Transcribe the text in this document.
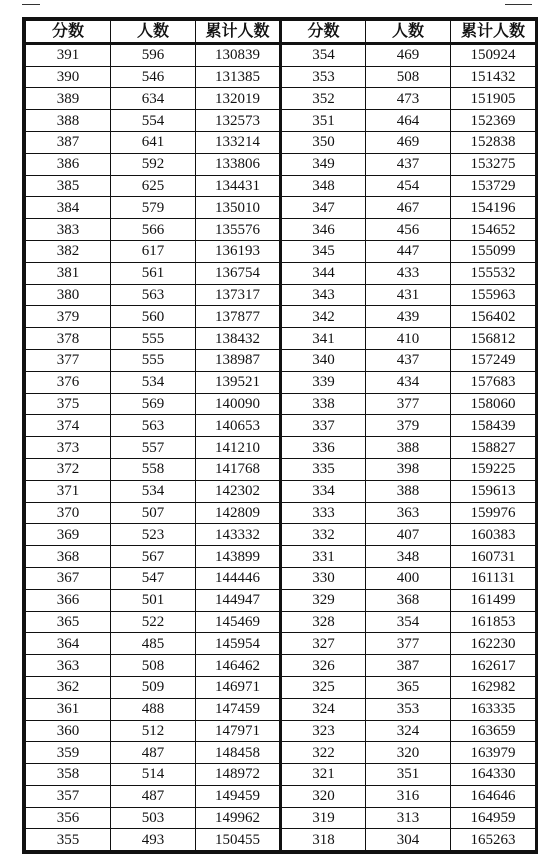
分数	人数	累计人数	分数	人数	累计人数
391	596	130839	354	469	150924
390	546	131385	353	508	151432
389	634	132019	352	473	151905
388	554	132573	351	464	152369
387	641	133214	350	469	152838
386	592	133806	349	437	153275
385	625	134431	348	454	153729
384	579	135010	347	467	154196
383	566	135576	346	456	154652
382	617	136193	345	447	155099
381	561	136754	344	433	155532
380	563	137317	343	431	155963
379	560	137877	342	439	156402
378	555	138432	341	410	156812
377	555	138987	340	437	157249
376	534	139521	339	434	157683
375	569	140090	338	377	158060
374	563	140653	337	379	158439
373	557	141210	336	388	158827
372	558	141768	335	398	159225
371	534	142302	334	388	159613
370	507	142809	333	363	159976
369	523	143332	332	407	160383
368	567	143899	331	348	160731
367	547	144446	330	400	161131
366	501	144947	329	368	161499
365	522	145469	328	354	161853
364	485	145954	327	377	162230
363	508	146462	326	387	162617
362	509	146971	325	365	162982
361	488	147459	324	353	163335
360	512	147971	323	324	163659
359	487	148458	322	320	163979
358	514	148972	321	351	164330
357	487	149459	320	316	164646
356	503	149962	319	313	164959
355	493	150455	318	304	165263
